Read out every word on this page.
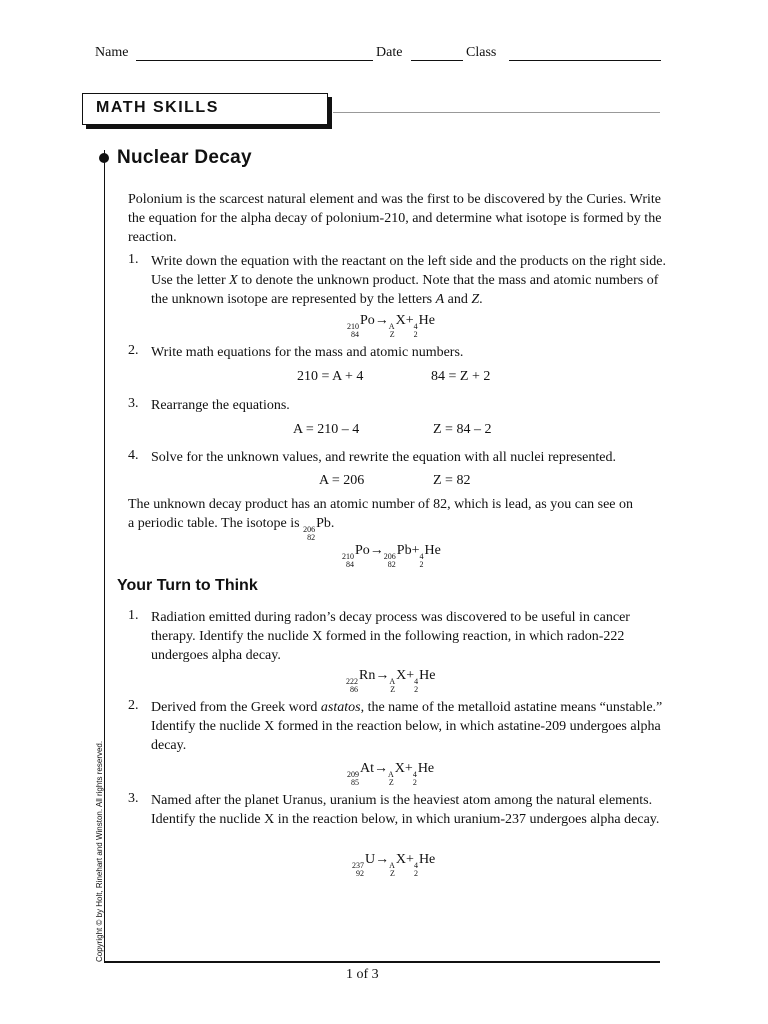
Name	Date	Class
MATH SKILLS
Nuclear Decay
Polonium is the scarcest natural element and was the first to be discovered by the Curies. Write the equation for the alpha decay of polonium-210, and determine what isotope is formed by the reaction.
1. Write down the equation with the reactant on the left side and the products on the right side. Use the letter X to denote the unknown product. Note that the mass and atomic numbers of the unknown isotope are represented by the letters A and Z.
210
84
Po→ A
Z
X+ 4
2
He
2. Write math equations for the mass and atomic numbers.
210 = A + 4	84 = Z + 2
3. Rearrange the equations.
A = 210 – 4	Z = 84 – 2
4. Solve for the unknown values, and rewrite the equation with all nuclei represented.
A = 206	Z = 82
The unknown decay product has an atomic number of 82, which is lead, as you can see on
a periodic table. The isotope is 206
82
Pb.
210
84
Po→ 206
82
Pb+ 4
2
He
Your Turn to Think
1. Radiation emitted during radon’s decay process was discovered to be useful in cancer therapy. Identify the nuclide X formed in the following reaction, in which radon-222 undergoes alpha decay.
222
86
Rn→ A
Z
X+ 4
2
He
2. Derived from the Greek word astatos, the name of the metalloid astatine means “unstable.” Identify the nuclide X formed in the reaction below, in which astatine-209 undergoes alpha decay.
209
85
At→ A
Z
X+ 4
2
He
3. Named after the planet Uranus, uranium is the heaviest atom among the natural elements. Identify the nuclide X in the reaction below, in which uranium-237 undergoes alpha decay.
237
92
U→ A
Z
X+ 4
2
He
Copyright © by Holt, Rinehart and Winston. All rights reserved.
1 of 3
